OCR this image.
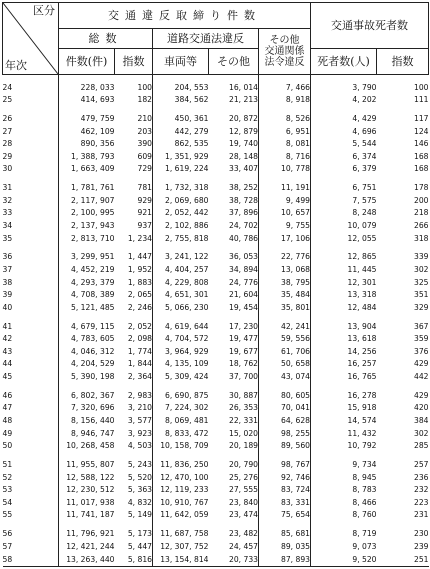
区分
年次	交通違反取締り件数					交通事故死者数	
	総数		道路交通法違反		その他
交通関係
法令違反		

	件数(件)	指数	車両等	その他		死者数(人)	指数

24	228, 033	100	204, 553	16, 014	7, 466	3, 790	100
25	414, 693	182	384, 562	21, 213	8, 918	4, 202	111

26	479, 759	210	450, 361	20, 872	8, 526	4, 429	117
27	462, 109	203	442, 279	12, 879	6, 951	4, 696	124
28	890, 356	390	862, 535	19, 740	8, 081	5, 544	146
29	1, 388, 793	609	1, 351, 929	28, 148	8, 716	6, 374	168
30	1, 663, 409	729	1, 619, 224	33, 407	10, 778	6, 379	168

31	1, 781, 761	781	1, 732, 318	38, 252	11, 191	6, 751	178
32	2, 117, 907	929	2, 069, 680	38, 728	9, 499	7, 575	200
33	2, 100, 995	921	2, 052, 442	37, 896	10, 657	8, 248	218
34	2, 137, 943	937	2, 102, 886	24, 702	9, 755	10, 079	266
35	2, 813, 710	1, 234	2, 755, 818	40, 786	17, 106	12, 055	318

36	3, 299, 951	1, 447	3, 241, 122	36, 053	22, 776	12, 865	339
37	4, 452, 219	1, 952	4, 404, 257	34, 894	13, 068	11, 445	302
38	4, 293, 379	1, 883	4, 229, 808	24, 776	38, 795	12, 301	325
39	4, 708, 389	2, 065	4, 651, 301	21, 604	35, 484	13, 318	351
40	5, 121, 485	2, 246	5, 066, 230	19, 454	35, 801	12, 484	329

41	4, 679, 115	2, 052	4, 619, 644	17, 230	42, 241	13, 904	367
42	4, 783, 605	2, 098	4, 704, 572	19, 477	59, 556	13, 618	359
43	4, 046, 312	1, 774	3, 964, 929	19, 677	61, 706	14, 256	376
44	4, 204, 529	1, 844	4, 135, 109	18, 762	50, 658	16, 257	429
45	5, 390, 198	2, 364	5, 309, 424	37, 700	43, 074	16, 765	442

46	6, 802, 367	2, 983	6, 690, 875	30, 887	80, 605	16, 278	429
47	7, 320, 696	3, 210	7, 224, 302	26, 353	70, 041	15, 918	420
48	8, 156, 440	3, 577	8, 069, 481	22, 331	64, 628	14, 574	384
49	8, 946, 747	3, 923	8, 833, 472	15, 020	98, 255	11, 432	302
50	10, 268, 458	4, 503	10, 158, 709	20, 189	89, 560	10, 792	285

51	11, 955, 807	5, 243	11, 836, 250	20, 790	98, 767	9, 734	257
52	12, 588, 122	5, 520	12, 470, 100	25, 276	92, 746	8, 945	236
53	12, 230, 512	5, 363	12, 119, 233	27, 555	83, 724	8, 783	232
54	11, 017, 938	4, 832	10, 910, 767	23, 840	83, 331	8, 466	223
55	11, 741, 187	5, 149	11, 642, 059	23, 474	75, 654	8, 760	231

56	11, 796, 921	5, 173	11, 687, 758	23, 482	85, 681	8, 719	230
57	12, 421, 244	5, 447	12, 307, 752	24, 457	89, 035	9, 073	239
58	13, 263, 440	5, 816	13, 154, 814	20, 733	87, 893	9, 520	251
